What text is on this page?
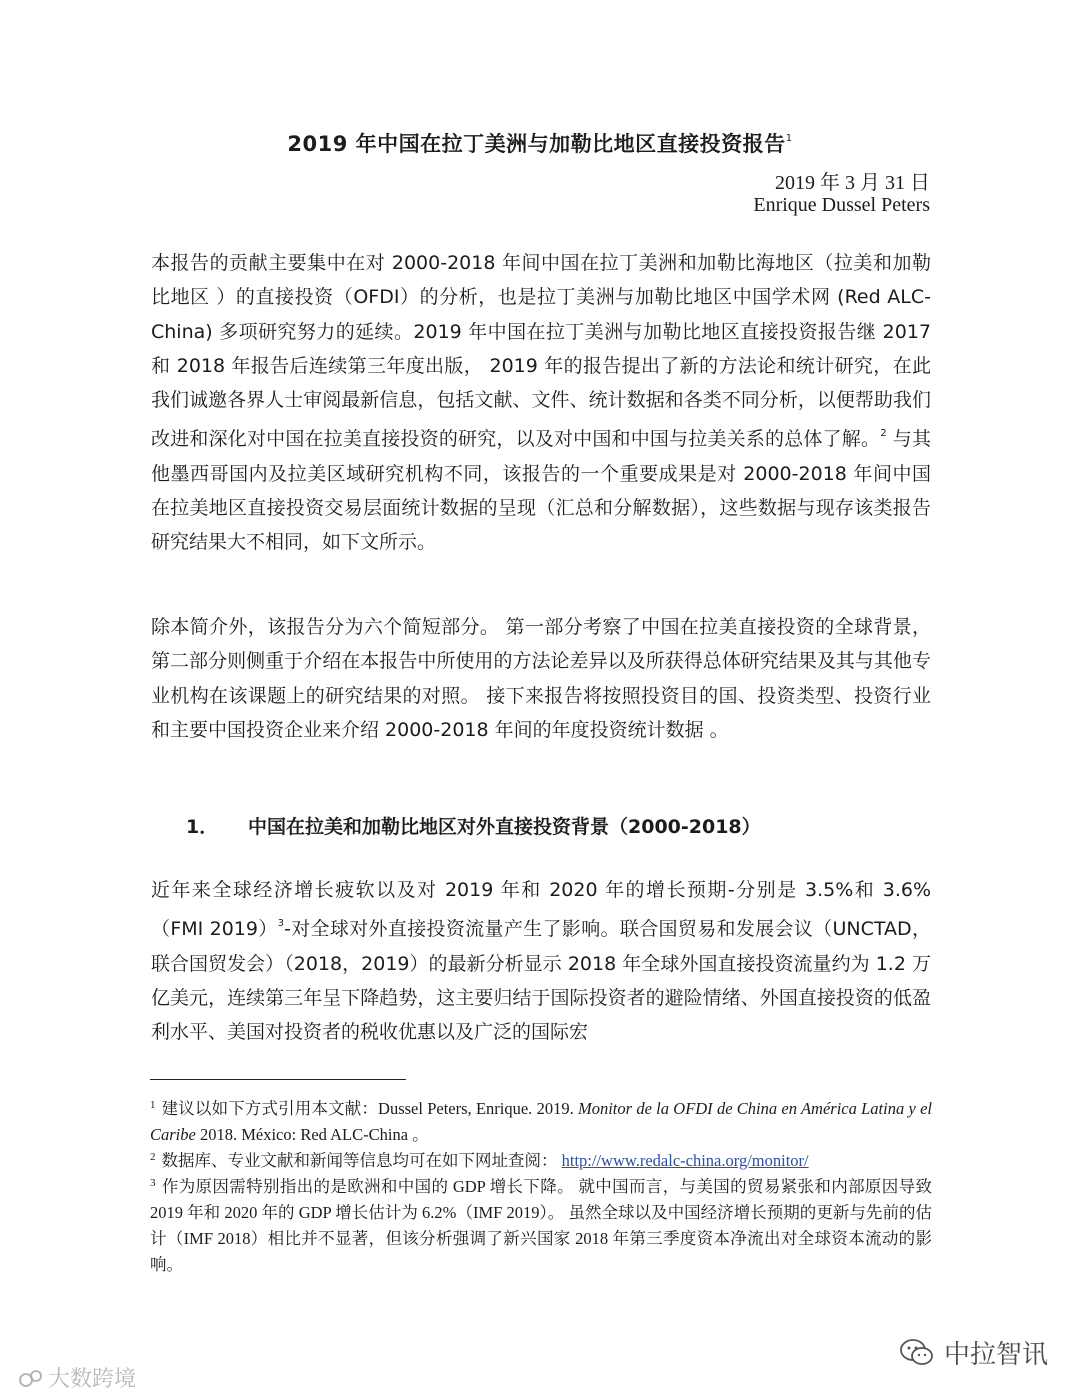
2019 年中国在拉丁美洲与加勒比地区直接投资报告$^1$
2019 年 3 月 31 日
Enrique Dussel Peters

本报告的贡献主要集中在对 2000-2018 年间中国在拉丁美洲和加勒比海地区（拉美和加勒比地区 ）的直接投资（OFDI）的分析，也是拉丁美洲与加勒比地区中国学术网 (Red ALC-China) 多项研究努力的延续。2019 年中国在拉丁美洲与加勒比地区直接投资报告继 2017 和 2018 年报告后连续第三年度出版， 2019 年的报告提出了新的方法论和统计研究，在此我们诚邀各界人士审阅最新信息，包括文献、文件、统计数据和各类不同分析，以便帮助我们改进和深化对中国在拉美直接投资的研究，以及对中国和中国与拉美关系的总体了解。$^2$ 与其他墨西哥国内及拉美区域研究机构不同，该报告的一个重要成果是对 2000-2018 年间中国在拉美地区直接投资交易层面统计数据的呈现（汇总和分解数据），这些数据与现存该类报告研究结果大不相同，如下文所示。

除本简介外，该报告分为六个简短部分。 第一部分考察了中国在拉美直接投资的全球背景，第二部分则侧重于介绍在本报告中所使用的方法论差异以及所获得总体研究结果及其与其他专业机构在该课题上的研究结果的对照。 接下来报告将按照投资目的国、投资类型、投资行业和主要中国投资企业来介绍 2000-2018 年间的年度投资统计数据 。

1． 中国在拉美和加勒比地区对外直接投资背景（2000-2018）

近年来全球经济增长疲软以及对 2019 年和 2020 年的增长预期-分别是 3.5%和 3.6%（FMI 2019）$^3$-对全球对外直接投资流量产生了影响。联合国贸易和发展会议（UNCTAD，联合国贸发会）（2018，2019）的最新分析显示 2018 年全球外国直接投资流量约为 1.2 万亿美元，连续第三年呈下降趋势，这主要归结于国际投资者的避险情绪、外国直接投资的低盈利水平、美国对投资者的税收优惠以及广泛的国际宏

$^1$ 建议以如下方式引用本文献：Dussel Peters, Enrique. 2019. Monitor de la OFDI de China en América Latina y el Caribe 2018. México: Red ALC-China 。

$^2$ 数据库、专业文献和新闻等信息均可在如下网址查阅： http://www.redalc-china.org/monitor/

$^3$ 作为原因需特别指出的是欧洲和中国的 GDP 增长下降。 就中国而言，与美国的贸易紧张和内部原因导致 2019 年和 2020 年的 GDP 增长估计为 6.2%（IMF 2019）。 虽然全球以及中国经济增长预期的更新与先前的估计（IMF 2018）相比并不显著，但该分析强调了新兴国家 2018 年第三季度资本净流出对全球资本流动的影响。

大数跨境
中拉智讯
